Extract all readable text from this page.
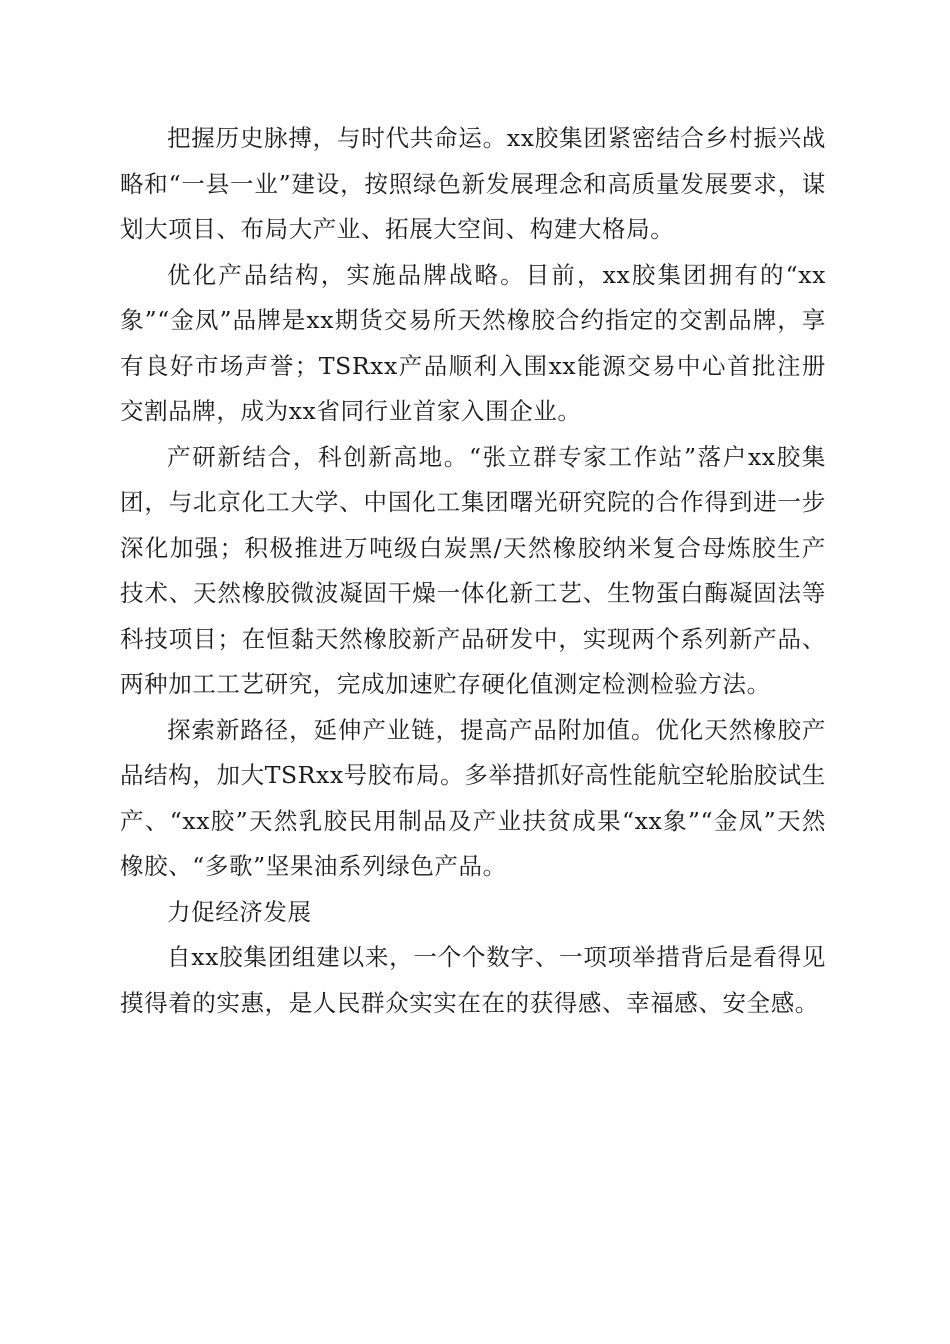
把握历史脉搏，与时代共命运。xx胶集团紧密结合乡村振兴战略和“一县一业”建设，按照绿色新发展理念和高质量发展要求，谋划大项目、布局大产业、拓展大空间、构建大格局。

优化产品结构，实施品牌战略。目前，xx胶集团拥有的“xx象”“金凤”品牌是xx期货交易所天然橡胶合约指定的交割品牌，享有良好市场声誉；TSRxx产品顺利入围xx能源交易中心首批注册交割品牌，成为xx省同行业首家入围企业。

产研新结合，科创新高地。“张立群专家工作站”落户xx胶集团，与北京化工大学、中国化工集团曙光研究院的合作得到进一步深化加强；积极推进万吨级白炭黑/天然橡胶纳米复合母炼胶生产技术、天然橡胶微波凝固干燥一体化新工艺、生物蛋白酶凝固法等科技项目；在恒黏天然橡胶新产品研发中，实现两个系列新产品、两种加工工艺研究，完成加速贮存硬化值测定检测检验方法。

探索新路径，延伸产业链，提高产品附加值。优化天然橡胶产品结构，加大TSRxx号胶布局。多举措抓好高性能航空轮胎胶试生产、“xx胶”天然乳胶民用制品及产业扶贫成果“xx象”“金凤”天然橡胶、“多歌”坚果油系列绿色产品。

力促经济发展

自xx胶集团组建以来，一个个数字、一项项举措背后是看得见摸得着的实惠，是人民群众实实在在的获得感、幸福感、安全感。
